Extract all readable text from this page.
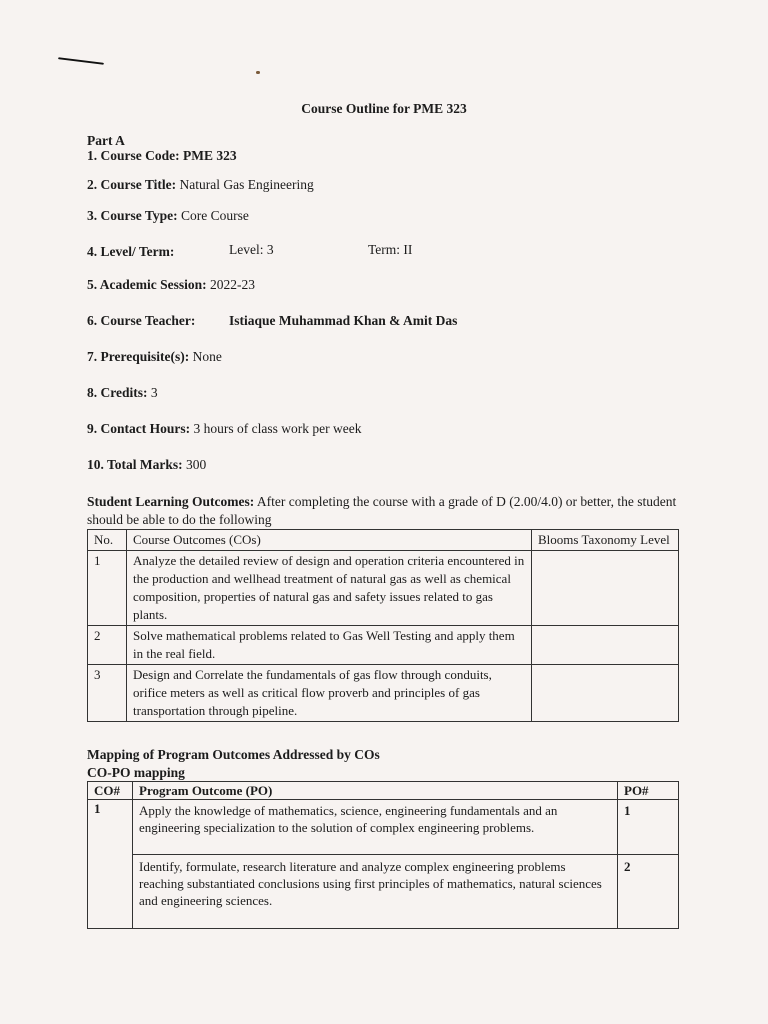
Course Outline for PME 323
Part A
1. Course Code: PME 323
2. Course Title: Natural Gas Engineering
3. Course Type: Core Course
4. Level/ Term:	Level: 3	Term: II
5. Academic Session: 2022-23
6. Course Teacher: Istiaque Muhammad Khan & Amit Das
7. Prerequisite(s): None
8. Credits: 3
9. Contact Hours: 3 hours of class work per week
10. Total Marks: 300
Student Learning Outcomes: After completing the course with a grade of D (2.00/4.0) or better, the student should be able to do the following
No.	Course Outcomes (COs)	Blooms Taxonomy Level
1	Analyze the detailed review of design and operation criteria encountered in the production and wellhead treatment of natural gas as well as chemical composition, properties of natural gas and safety issues related to gas plants.	
2	Solve mathematical problems related to Gas Well Testing and apply them in the real field.	
3	Design and Correlate the fundamentals of gas flow through conduits, orifice meters as well as critical flow proverb and principles of gas transportation through pipeline.	
Mapping of Program Outcomes Addressed by COs
CO-PO mapping
CO#	Program Outcome (PO)	PO#
1	Apply the knowledge of mathematics, science, engineering fundamentals and an engineering specialization to the solution of complex engineering problems.	1
	Identify, formulate, research literature and analyze complex engineering problems reaching substantiated conclusions using first principles of mathematics, natural sciences and engineering sciences.	2
